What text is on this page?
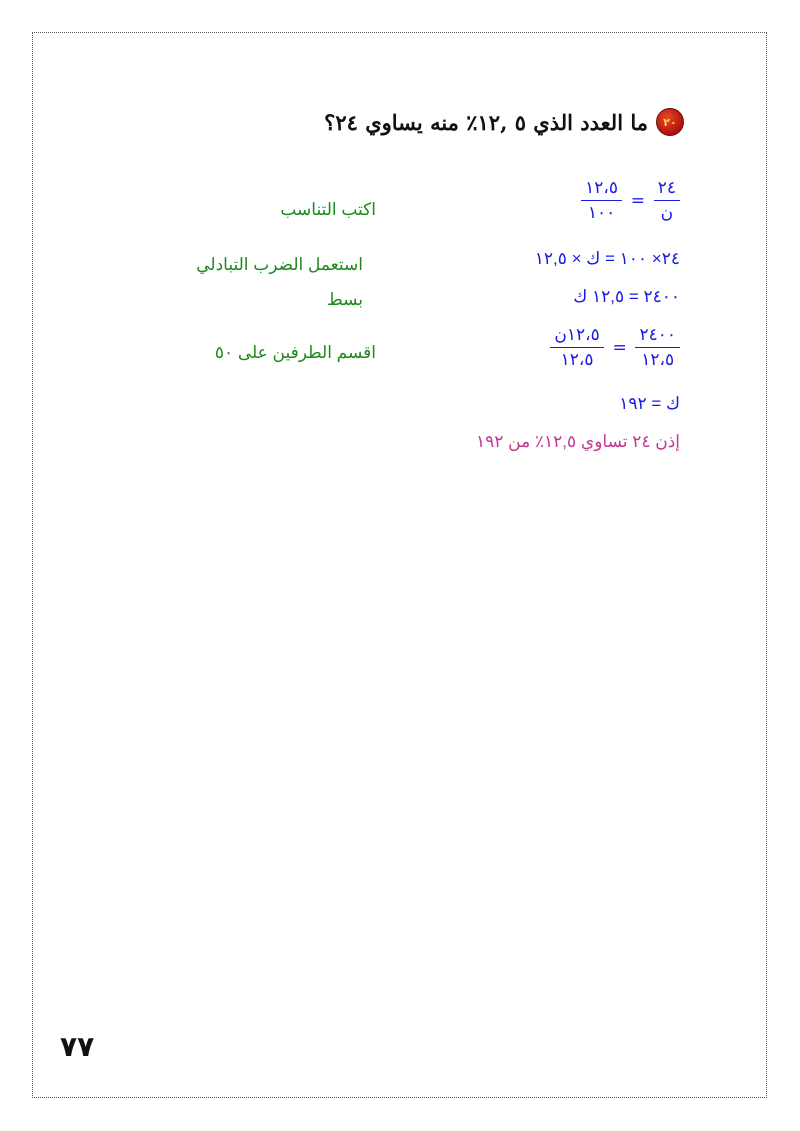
٢٠
ما العدد الذي ٥ ,١٢٪ منه يساوي ٢٤؟
$\frac{٢٤}{\text{ن}}$
=
$\frac{١٢،٥}{١٠٠}$
اكتب التناسب
٢٤× ١٠٠ = ك × ١٢,٥
استعمل الضرب التبادلي
٢٤٠٠ = ١٢,٥ ك
بسط
$\frac{٢٤٠٠}{١٢،٥}$
=
$\frac{\text{١٢،٥ن}}{١٢،٥}$
اقسم الطرفين على ٥٠
ك = ١٩٢
إذن ٢٤ تساوي ١٢,٥٪ من ١٩٢
٧٧
